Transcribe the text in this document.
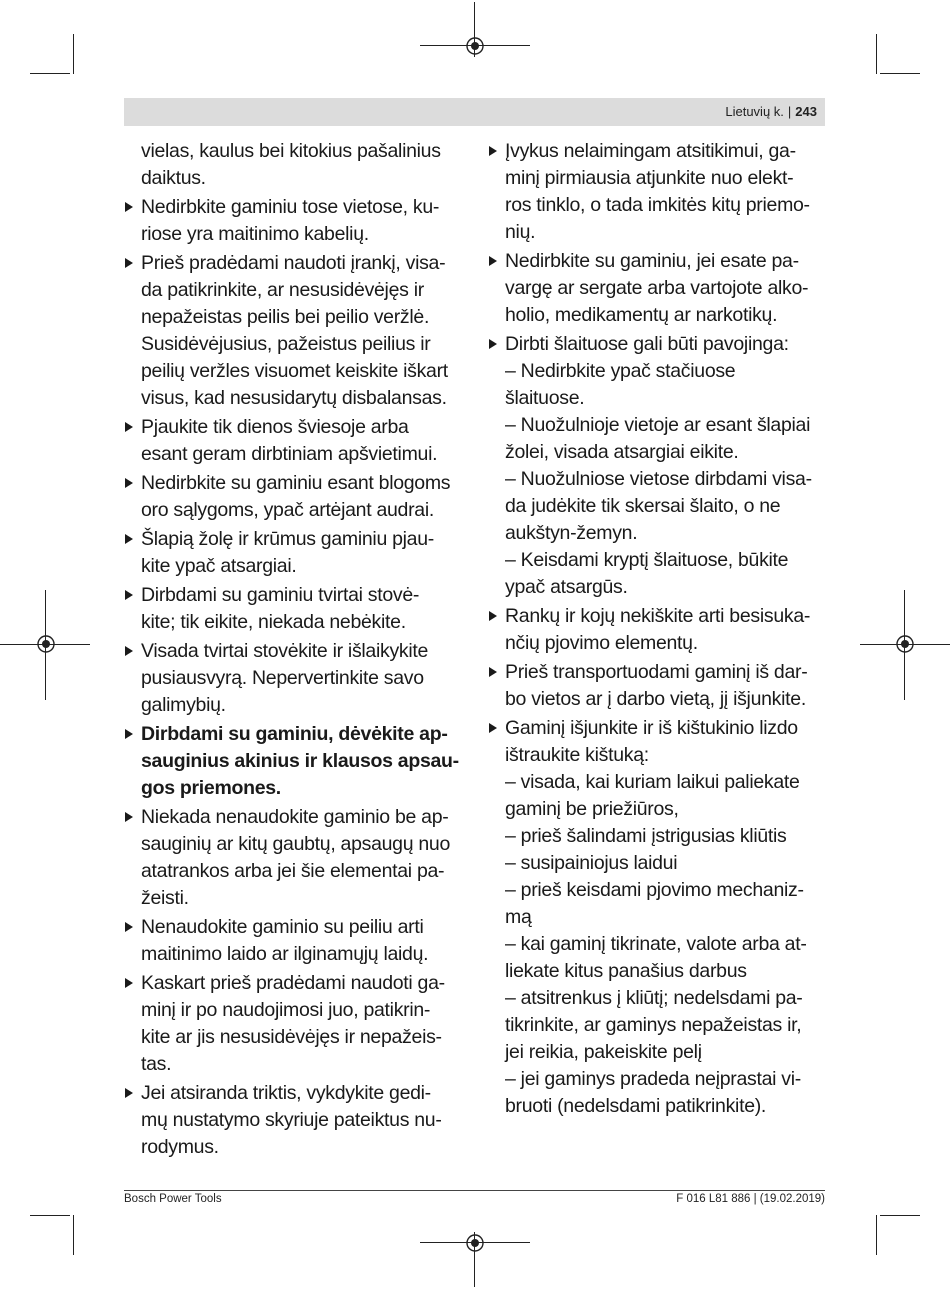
Lietuvių k. | 243
vielas, kaulus bei kitokius pašalinius
daiktus.
Nedirbkite gaminiu tose vietose, ku-
riose yra maitinimo kabelių.
Prieš pradėdami naudoti įrankį, visa-
da patikrinkite, ar nesusidėvėjęs ir
nepažeistas peilis bei peilio veržlė.
Susidėvėjusius, pažeistus peilius ir
peilių veržles visuomet keiskite iškart
visus, kad nesusidarytų disbalansas.
Pjaukite tik dienos šviesoje arba
esant geram dirbtiniam apšvietimui.
Nedirbkite su gaminiu esant blogoms
oro sąlygoms, ypač artėjant audrai.
Šlapią žolę ir krūmus gaminiu pjau-
kite ypač atsargiai.
Dirbdami su gaminiu tvirtai stovė-
kite; tik eikite, niekada nebėkite.
Visada tvirtai stovėkite ir išlaikykite
pusiausvyrą. Nepervertinkite savo
galimybių.
Dirbdami su gaminiu, dėvėkite ap-
sauginius akinius ir klausos apsau-
gos priemones.
Niekada nenaudokite gaminio be ap-
sauginių ar kitų gaubtų, apsaugų nuo
atatrankos arba jei šie elementai pa-
žeisti.
Nenaudokite gaminio su peiliu arti
maitinimo laido ar ilginamųjų laidų.
Kaskart prieš pradėdami naudoti ga-
minį ir po naudojimosi juo, patikrin-
kite ar jis nesusidėvėjęs ir nepažeis-
tas.
Jei atsiranda triktis, vykdykite gedi-
mų nustatymo skyriuje pateiktus nu-
rodymus.
Įvykus nelaimingam atsitikimui, ga-
minį pirmiausia atjunkite nuo elekt-
ros tinklo, o tada imkitės kitų priemo-
nių.
Nedirbkite su gaminiu, jei esate pa-
vargę ar sergate arba vartojote alko-
holio, medikamentų ar narkotikų.
Dirbti šlaituose gali būti pavojinga:
– Nedirbkite ypač stačiuose
šlaituose.
– Nuožulnioje vietoje ar esant šlapiai
žolei, visada atsargiai eikite.
– Nuožulniose vietose dirbdami visa-
da judėkite tik skersai šlaito, o ne
aukštyn-žemyn.
– Keisdami kryptį šlaituose, būkite
ypač atsargūs.
Rankų ir kojų nekiškite arti besisuka-
nčių pjovimo elementų.
Prieš transportuodami gaminį iš dar-
bo vietos ar į darbo vietą, jį išjunkite.
Gaminį išjunkite ir iš kištukinio lizdo
ištraukite kištuką:
– visada, kai kuriam laikui paliekate
gaminį be priežiūros,
– prieš šalindami įstrigusias kliūtis
– susipainiojus laidui
– prieš keisdami pjovimo mechaniz-
mą
– kai gaminį tikrinate, valote arba at-
liekate kitus panašius darbus
– atsitrenkus į kliūtį; nedelsdami pa-
tikrinkite, ar gaminys nepažeistas ir,
jei reikia, pakeiskite pelį
– jei gaminys pradeda neįprastai vi-
bruoti (nedelsdami patikrinkite).
Bosch Power Tools	F 016 L81 886 | (19.02.2019)
